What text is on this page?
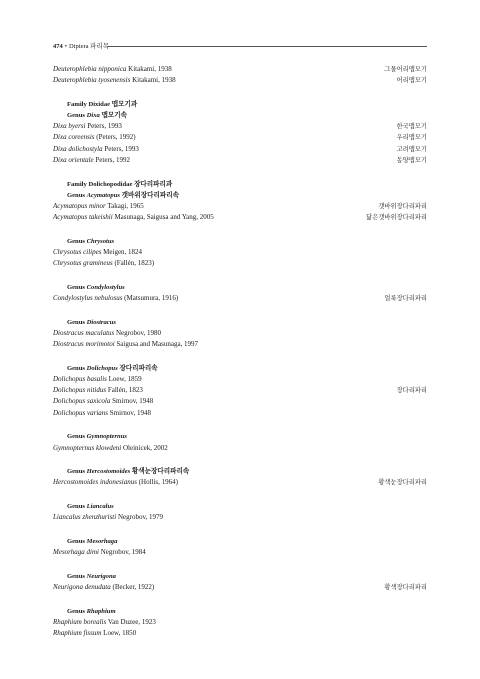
474 • Diptera 파리목
Deuterophlebia nipponica Kitakami, 1938	그물어리맵모기
Deuterophlebia tyosenensis Kitakami, 1938	어리맵모기
Family Dixidae 맵모기과
Genus Dixa 맵모기속
Dixa byersi Peters, 1993	한국맵모기
Dixa coreensis (Peters, 1992)	우리맵모기
Dixa dolichostyla Peters, 1993	고려맵모기
Dixa orientale Peters, 1992	동양맵모기
Family Dolichopodidae 장다리파리과
Genus Acymatopus 갯바위장다리파리속
Acymatopus minor Takagi, 1965	갯바위장다리파리
Acymatopus takeishii Masunaga, Saigusa and Yang, 2005	닮은갯바위장다리파리
Genus Chrysotus
Chrysotus cilipes Meigen, 1824
Chrysotus gramineus (Fallén, 1823)
Genus Condylostylus
Condylostylus nebulosus (Matsumura, 1916)	얼룩장다리파리
Genus Diostracus
Diostracus maculatus Negrobov, 1980
Diostracus morimotoi Saigusa and Masunaga, 1997
Genus Dolichopus 장다리파리속
Dolichopus basalis Loew, 1859
Dolichopus nitidus Fallén, 1823	장다리파리
Dolichopus saxicola Smirnov, 1948
Dolichopus varians Smirnov, 1948
Genus Gymnopternus
Gymnopternus klowdeni Oleinicek, 2002
Genus Hercostomoides 황색눈장다리파리속
Hercostomoides indonesianus (Hollis, 1964)	황색눈장다리파리
Genus Liancalus
Liancalus zhenzhuristi Negrobov, 1979
Genus Mesorhaga
Mesorhaga dimi Negrobov, 1984
Genus Neurigona
Neurigona denudata (Becker, 1922)	황색장다리파리
Genus Rhaphium
Rhaphium borealis Van Duzee, 1923
Rhaphium fissum Loew, 1850
